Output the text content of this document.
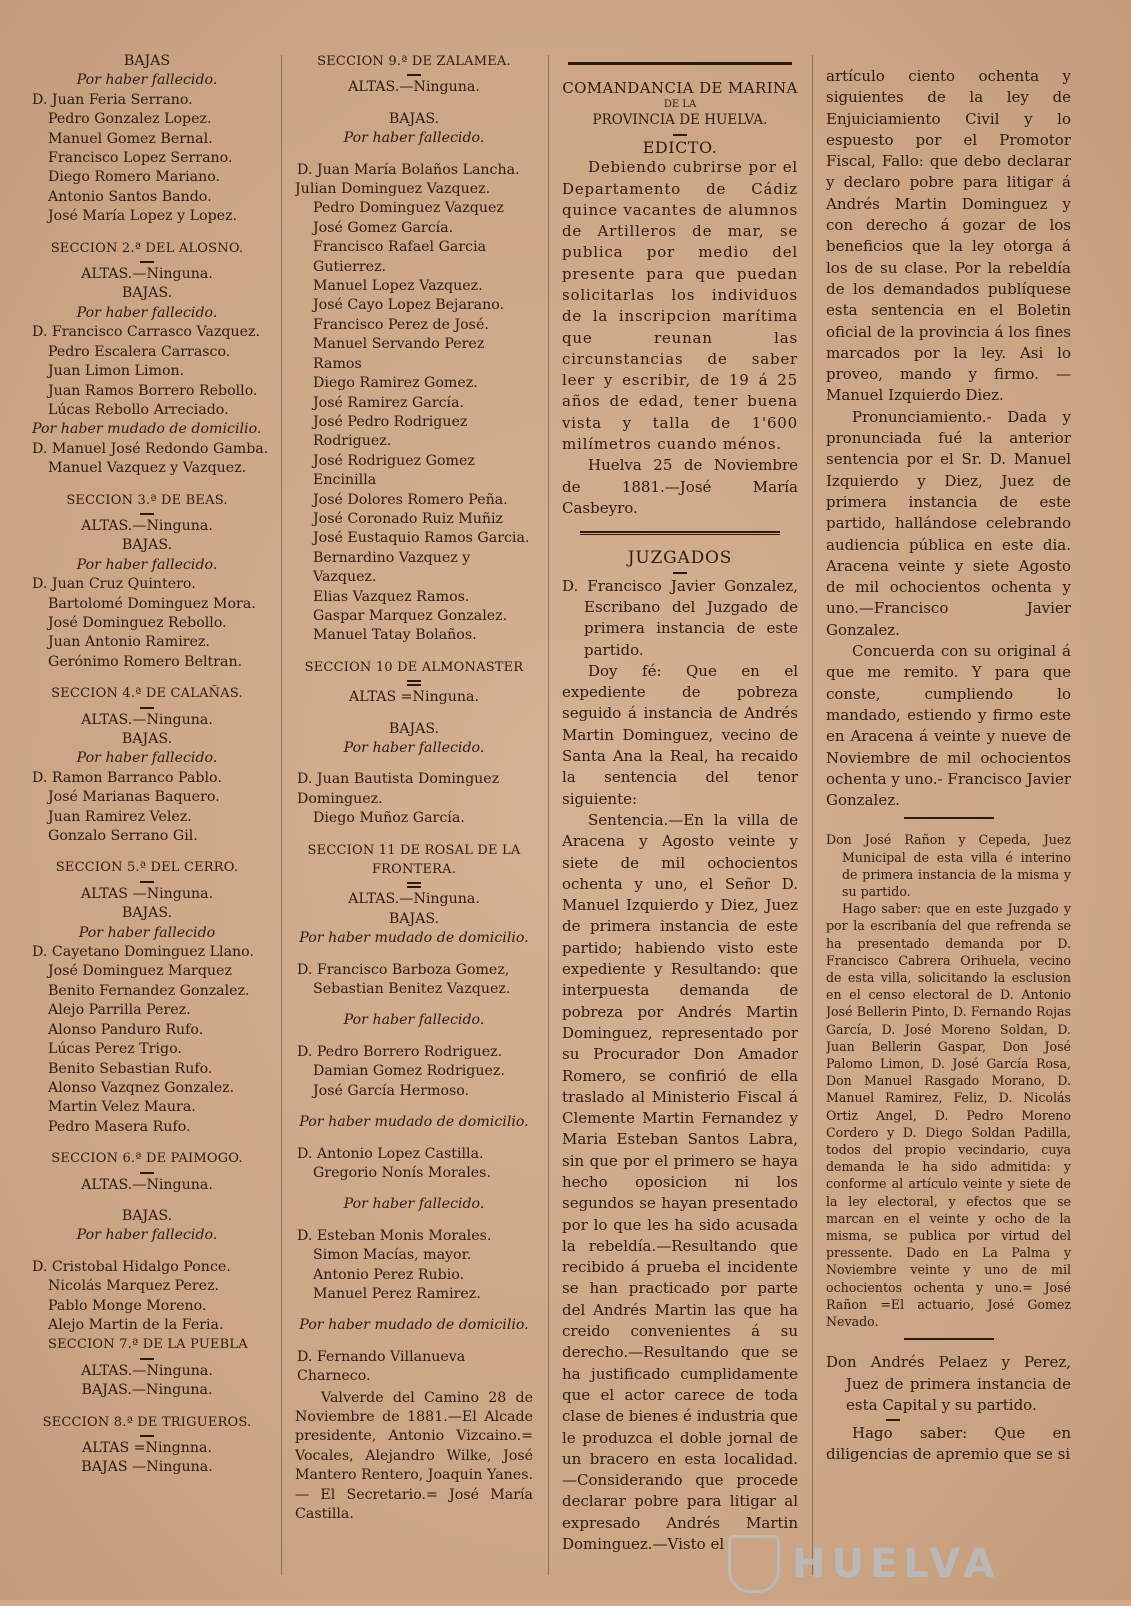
BAJAS
Por haber fallecido.
D. Juan Feria Serrano.
Pedro Gonzalez Lopez.
Manuel Gomez Bernal.
Francisco Lopez Serrano.
Diego Romero Mariano.
Antonio Santos Bando.
José María Lopez y Lopez.
SECCION 2.ª DEL ALOSNO.
ALTAS.—Ninguna.
BAJAS.
Por haber fallecido.
D. Francisco Carrasco Vazquez.
Pedro Escalera Carrasco.
Juan Limon Limon.
Juan Ramos Borrero Rebollo.
Lúcas Rebollo Arreciado.
Por haber mudado de domicilio.
D. Manuel José Redondo Gamba.
Manuel Vazquez y Vazquez.
SECCION 3.ª DE BEAS.
ALTAS.—Ninguna.
BAJAS.
Por haber fallecido.
D. Juan Cruz Quintero.
Bartolomé Dominguez Mora.
José Dominguez Rebollo.
Juan Antonio Ramirez.
Gerónimo Romero Beltran.
SECCION 4.ª DE CALAÑAS.
ALTAS.—Ninguna.
BAJAS.
Por haber fallecido.
D. Ramon Barranco Pablo.
José Marianas Baquero.
Juan Ramirez Velez.
Gonzalo Serrano Gil.
SECCION 5.ª DEL CERRO.
ALTAS —Ninguna.
BAJAS.
Por haber fallecido
D. Cayetano Dominguez Llano.
José Dominguez Marquez
Benito Fernandez Gonzalez.
Alejo Parrilla Perez.
Alonso Panduro Rufo.
Lúcas Perez Trigo.
Benito Sebastian Rufo.
Alonso Vazqnez Gonzalez.
Martin Velez Maura.
Pedro Masera Rufo.
SECCION 6.ª DE PAIMOGO.
ALTAS.—Ninguna.
BAJAS.
Por haber fallecido.
D. Cristobal Hidalgo Ponce.
Nicolás Marquez Perez.
Pablo Monge Moreno.
Alejo Martin de la Feria.
SECCION 7.ª DE LA PUEBLA
ALTAS.—Ninguna.
BAJAS.—Ninguna.
SECCION 8.ª DE TRIGUEROS.
ALTAS =Ningnna.
BAJAS —Ninguna.
SECCION 9.ª DE ZALAMEA.
ALTAS.—Ninguna.
BAJAS.
Por haber fallecido.
D. Juan María Bolaños Lancha.
Julian Dominguez Vazquez.
Pedro Dominguez Vazquez
José Gomez García.
Francisco Rafael Garcia Gutierrez.
Manuel Lopez Vazquez.
José Cayo Lopez Bejarano.
Francisco Perez de José.
Manuel Servando Perez Ramos
Diego Ramirez Gomez.
José Ramirez García.
José Pedro Rodriguez Rodriguez.
José Rodriguez Gomez Encinilla
José Dolores Romero Peña.
José Coronado Ruiz Muñiz
José Eustaquio Ramos Garcia.
Bernardino Vazquez y Vazquez.
Elias Vazquez Ramos.
Gaspar Marquez Gonzalez.
Manuel Tatay Bolaños.
SECCION 10 DE ALMONASTER
ALTAS =Ninguna.
BAJAS.
Por haber fallecido.
D. Juan Bautista Dominguez Dominguez.
Diego Muñoz García.
SECCION 11 DE ROSAL DE LA FRONTERA.
ALTAS.—Ninguna.
BAJAS.
Por haber mudado de domicilio.
D. Francisco Barboza Gomez,
Sebastian Benitez Vazquez.
Por haber fallecido.
D. Pedro Borrero Rodriguez.
Damian Gomez Rodriguez.
José García Hermoso.
Por haber mudado de domicilio.
D. Antonio Lopez Castilla.
Gregorio Nonís Morales.
Por haber fallecido.
D. Esteban Monis Morales.
Simon Macías, mayor.
Antonio Perez Rubio.
Manuel Perez Ramirez.
Por haber mudado de domicilio.
D. Fernando Villanueva Charneco.

Valverde del Camino 28 de Noviembre de 1881.—El Alcade presidente, Antonio Vizcaino.= Vocales, Alejandro Wilke, José Mantero Rentero, Joaquin Yanes. — El Secretario.= José María Castilla.

COMANDANCIA DE MARINA
DE LA
PROVINCIA DE HUELVA.
EDICTO.

Debiendo cubrirse por el Departamento de Cádiz quince vacantes de alumnos de Artilleros de mar, se publica por medio del presente para que puedan solicitarlas los individuos de la inscripcion marítima que reunan las circunstancias de saber leer y escribir, de 19 á 25 años de edad, tener buena vista y talla de 1'600 milímetros cuando ménos.

Huelva 25 de Noviembre de 1881.—José María Casbeyro.

JUZGADOS

D. Francisco Javier Gonzalez, Escribano del Juzgado de primera instancia de este partido.

Doy fé: Que en el expediente de pobreza seguido á instancia de Andrés Martin Dominguez, vecino de Santa Ana la Real, ha recaido la sentencia del tenor siguiente:

Sentencia.—En la villa de Aracena y Agosto veinte y siete de mil ochocientos ochenta y uno, el Señor D. Manuel Izquierdo y Diez, Juez de primera instancia de este partido; habiendo visto este expediente y Resultando: que interpuesta demanda de pobreza por Andrés Martin Dominguez, representado por su Procurador Don Amador Romero, se confirió de ella traslado al Ministerio Fiscal á Clemente Martin Fernandez y Maria Esteban Santos Labra, sin que por el primero se haya hecho oposicion ni los segundos se hayan presentado por lo que les ha sido acusada la rebeldía.—Resultando que recibido á prueba el incidente se han practicado por parte del Andrés Martin las que ha creido convenientes á su derecho.—Resultando que se ha justificado cumplidamente que el actor carece de toda clase de bienes é industria que le produzca el doble jornal de un bracero en esta localidad.—Considerando que procede declarar pobre para litigar al expresado Andrés Martin Dominguez.—Visto el

artículo ciento ochenta y siguientes de la ley de Enjuiciamiento Civil y lo espuesto por el Promotor Fiscal, Fallo: que debo declarar y declaro pobre para litigar á Andrés Martin Dominguez y con derecho á gozar de los beneficios que la ley otorga á los de su clase. Por la rebeldía de los demandados publíquese esta sentencia en el Boletin oficial de la provincia á los fines marcados por la ley. Asi lo proveo, mando y firmo. — Manuel Izquierdo Diez.

Pronunciamiento.- Dada y pronunciada fué la anterior sentencia por el Sr. D. Manuel Izquierdo y Diez, Juez de primera instancia de este partido, hallándose celebrando audiencia pública en este dia. Aracena veinte y siete Agosto de mil ochocientos ochenta y uno.—Francisco Javier Gonzalez.

Concuerda con su original á que me remito. Y para que conste, cumpliendo lo mandado, estiendo y firmo este en Aracena á veinte y nueve de Noviembre de mil ochocientos ochenta y uno.- Francisco Javier Gonzalez.

Don José Rañon y Cepeda, Juez Municipal de esta villa é interino de primera instancia de la misma y su partido.

Hago saber: que en este Juzgado y por la escribanía del que refrenda se ha presentado demanda por D. Francisco Cabrera Orihuela, vecino de esta villa, solicitando la esclusion en el censo electoral de D. Antonio José Bellerin Pinto, D. Fernando Rojas García, D. José Moreno Soldan, D. Juan Bellerin Gaspar, Don José Palomo Limon, D. José García Rosa, Don Manuel Rasgado Morano, D. Manuel Ramirez, Feliz, D. Nicolás Ortiz Angel, D. Pedro Moreno Cordero y D. Diego Soldan Padilla, todos del propio vecindario, cuya demanda le ha sido admitida: y conforme al artículo veinte y siete de la ley electoral, y efectos que se marcan en el veinte y ocho de la misma, se publica por virtud del pressente. Dado en La Palma y Noviembre veinte y uno de mil ochocientos ochenta y uno.= José Rañon =El actuario, José Gomez Nevado.

Don Andrés Pelaez y Perez, Juez de primera instancia de esta Capital y su partido.

Hago saber: Que en diligencias de apremio que se si

HUELVA
